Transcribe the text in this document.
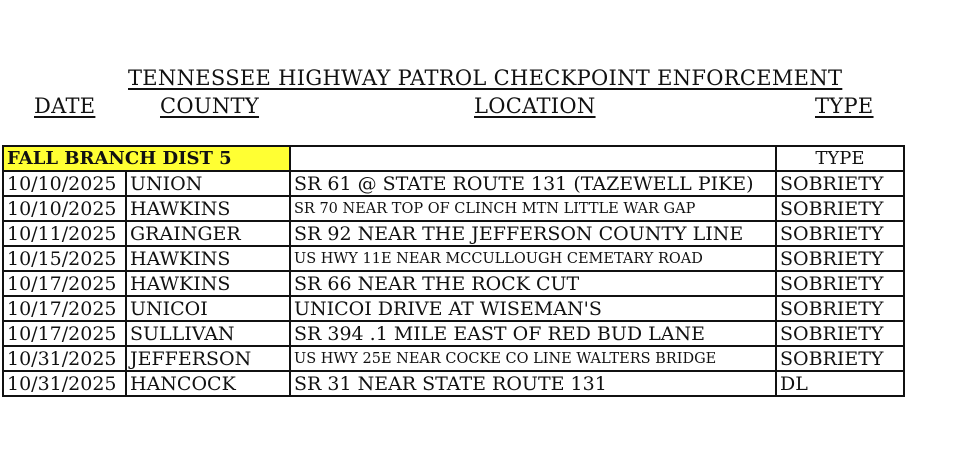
TENNESSEE HIGHWAY PATROL CHECKPOINT ENFORCEMENT
DATE	COUNTY	LOCATION	TYPE
FALL BRANCH DIST 5			TYPE
10/10/2025	UNION	SR 61 @ STATE ROUTE 131 (TAZEWELL PIKE)	SOBRIETY
10/10/2025	HAWKINS	SR 70 NEAR TOP OF CLINCH MTN LITTLE WAR GAP	SOBRIETY
10/11/2025	GRAINGER	SR 92 NEAR THE JEFFERSON COUNTY LINE	SOBRIETY
10/15/2025	HAWKINS	US HWY 11E NEAR MCCULLOUGH CEMETARY ROAD	SOBRIETY
10/17/2025	HAWKINS	SR 66 NEAR THE ROCK CUT	SOBRIETY
10/17/2025	UNICOI	UNICOI DRIVE AT WISEMAN'S	SOBRIETY
10/17/2025	SULLIVAN	SR 394 .1 MILE EAST OF RED BUD LANE	SOBRIETY
10/31/2025	JEFFERSON	US HWY 25E NEAR COCKE CO LINE WALTERS BRIDGE	SOBRIETY
10/31/2025	HANCOCK	SR 31 NEAR STATE ROUTE 131	DL
